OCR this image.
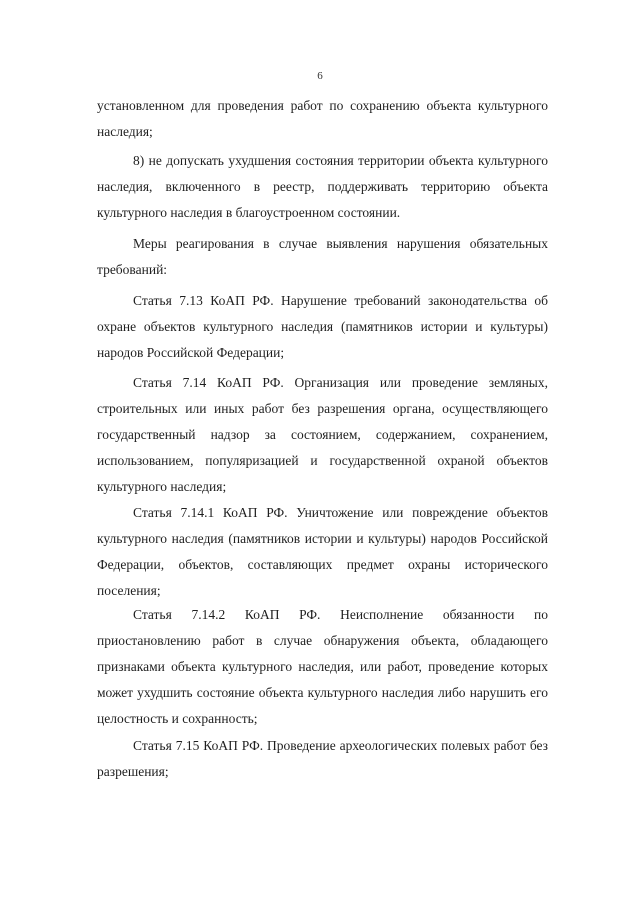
6

установленном для проведения работ по сохранению объекта культурного наследия;

8) не допускать ухудшения состояния территории объекта культурного наследия, включенного в реестр, поддерживать территорию объекта культурного наследия в благоустроенном состоянии.

Меры реагирования в случае выявления нарушения обязательных требований:

Статья 7.13 КоАП РФ. Нарушение требований законодательства об охране объектов культурного наследия (памятников истории и культуры) народов Российской Федерации;

Статья 7.14 КоАП РФ. Организация или проведение земляных, строительных или иных работ без разрешения органа, осуществляющего государственный надзор за состоянием, содержанием, сохранением, использованием, популяризацией и государственной охраной объектов культурного наследия;

Статья 7.14.1 КоАП РФ. Уничтожение или повреждение объектов культурного наследия (памятников истории и культуры) народов Российской Федерации, объектов, составляющих предмет охраны исторического поселения;

Статья 7.14.2 КоАП РФ. Неисполнение обязанности по приостановлению работ в случае обнаружения объекта, обладающего признаками объекта культурного наследия, или работ, проведение которых может ухудшить состояние объекта культурного наследия либо нарушить его целостность и сохранность;

Статья 7.15 КоАП РФ. Проведение археологических полевых работ без разрешения;
